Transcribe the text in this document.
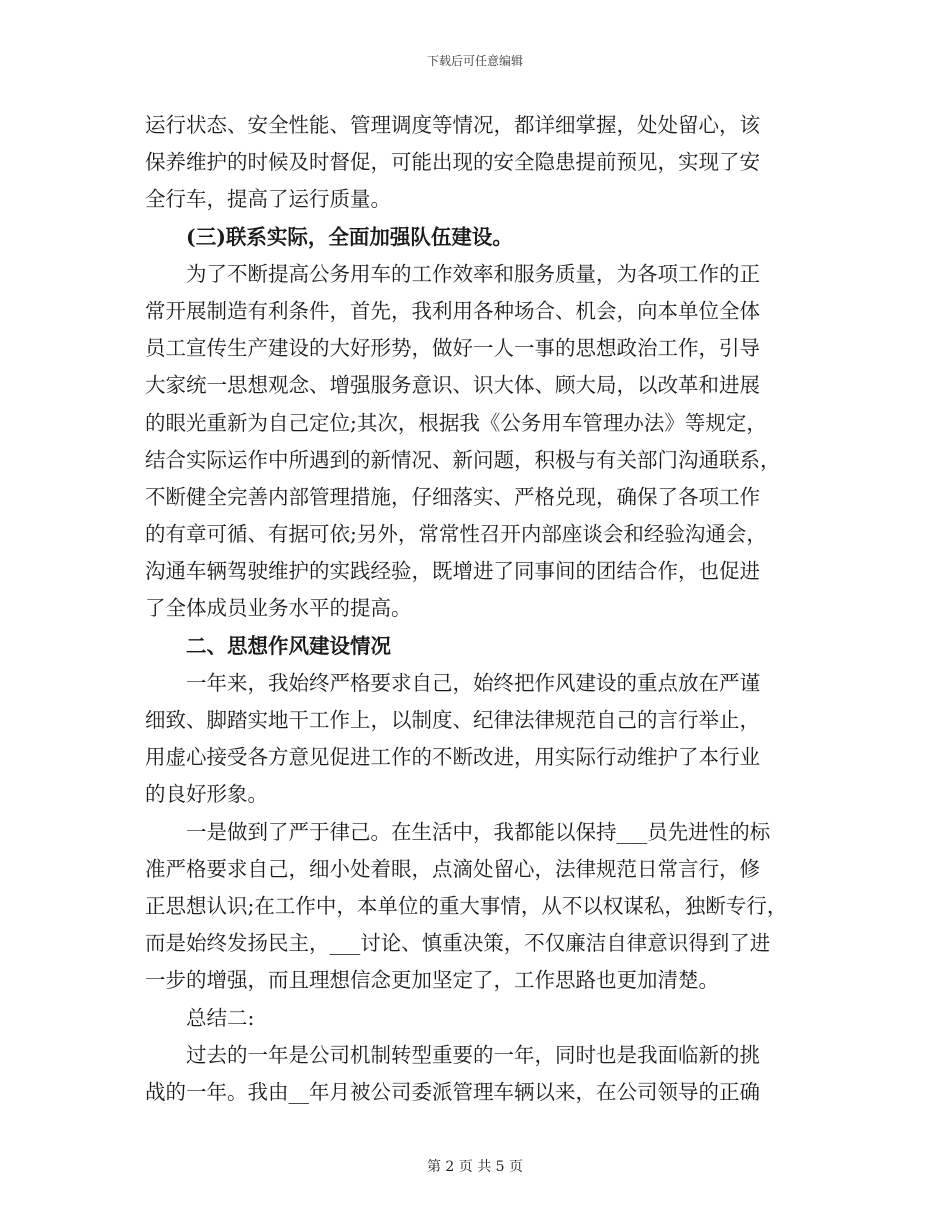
下载后可任意编辑
运行状态、安全性能、管理调度等情况，都详细掌握，处处留心，该
保养维护的时候及时督促，可能出现的安全隐患提前预见，实现了安
全行车，提高了运行质量。
(三)联系实际，全面加强队伍建设。
为了不断提高公务用车的工作效率和服务质量，为各项工作的正
常开展制造有利条件，首先，我利用各种场合、机会，向本单位全体
员工宣传生产建设的大好形势，做好一人一事的思想政治工作，引导
大家统一思想观念、增强服务意识、识大体、顾大局，以改革和进展
的眼光重新为自己定位;其次，根据我《公务用车管理办法》等规定，
结合实际运作中所遇到的新情况、新问题，积极与有关部门沟通联系，
不断健全完善内部管理措施，仔细落实、严格兑现，确保了各项工作
的有章可循、有据可依;另外，常常性召开内部座谈会和经验沟通会，
沟通车辆驾驶维护的实践经验，既增进了同事间的团结合作，也促进
了全体成员业务水平的提高。
二、思想作风建设情况
一年来，我始终严格要求自己，始终把作风建设的重点放在严谨
细致、脚踏实地干工作上，以制度、纪律法律规范自己的言行举止，
用虚心接受各方意见促进工作的不断改进，用实际行动维护了本行业
的良好形象。
一是做到了严于律己。在生活中，我都能以保持___员先进性的标
准严格要求自己，细小处着眼，点滴处留心，法律规范日常言行，修
正思想认识;在工作中，本单位的重大事情，从不以权谋私，独断专行，
而是始终发扬民主，___讨论、慎重决策，不仅廉洁自律意识得到了进
一步的增强，而且理想信念更加坚定了，工作思路也更加清楚。
总结二:
过去的一年是公司机制转型重要的一年，同时也是我面临新的挑
战的一年。我由__年月被公司委派管理车辆以来，在公司领导的正确
第 2 页 共 5 页
